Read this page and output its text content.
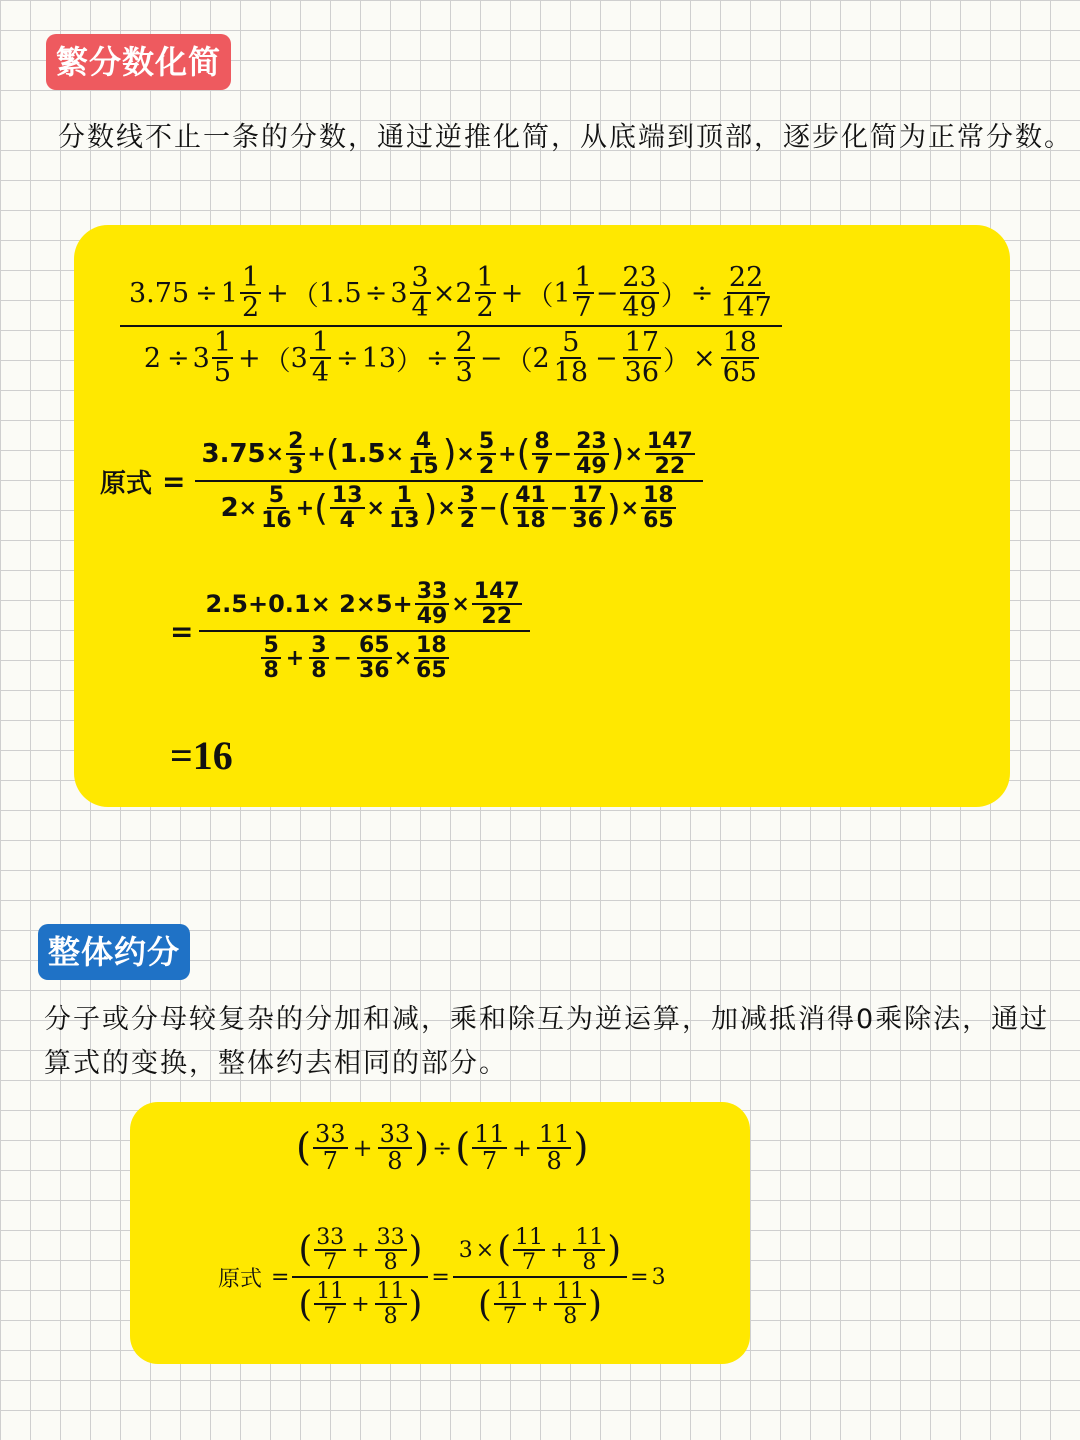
繁分数化简
分数线不止一条的分数，通过逆推化简，从底端到顶部，逐步化简为正常分数。
$3.75 \div 1 \frac{1}{2}$ + （ $1.5 \div 3 \frac{3}{4} \times 2 \frac{1}{2}$ + （ $1 \frac{1}{7} - \frac{23}{49}$ ） ÷ $\frac{22}{147}$
$2 \div 3 \frac{1}{5}$ + （ $3 \frac{1}{4} \div 13$ ） ÷ $\frac{2}{3}$ − （ $2 \frac{5}{18} - \frac{17}{36}$ ） × $\frac{18}{65}$
原式 =
$3.75 \times \frac{2}{3}$ + ( $1.5 \times \frac{4}{15}$ ) × $\frac{5}{2}$ + ( $\frac{8}{7} - \frac{23}{49}$ ) × $\frac{147}{22}$
$2 \times \frac{5}{16}$ + ( $\frac{13}{4} \times \frac{1}{13}$ ) × $\frac{3}{2}$ − ( $\frac{41}{18} - \frac{17}{36}$ ) × $\frac{18}{65}$
= $\frac{2.5+0.1\times 2\times 5+ \frac{33}{49} \times \frac{147}{22}}{\frac{5}{8} + \frac{3}{8} - \frac{65}{36} \times \frac{18}{65}}$
=16
整体约分
分子或分母较复杂的分加和减，乘和除互为逆运算，加减抵消得0乘除法，通过算式的变换，整体约去相同的部分。
( $\frac{33}{7} + \frac{33}{8}$ ) ÷ ( $\frac{11}{7} + \frac{11}{8}$ )
原式 = $\frac{( \frac{33}{7} + \frac{33}{8} )}{( \frac{11}{7} + \frac{11}{8} )} = \frac{3 \times ( \frac{11}{7} + \frac{11}{8} )}{( \frac{11}{7} + \frac{11}{8} )} = 3$
